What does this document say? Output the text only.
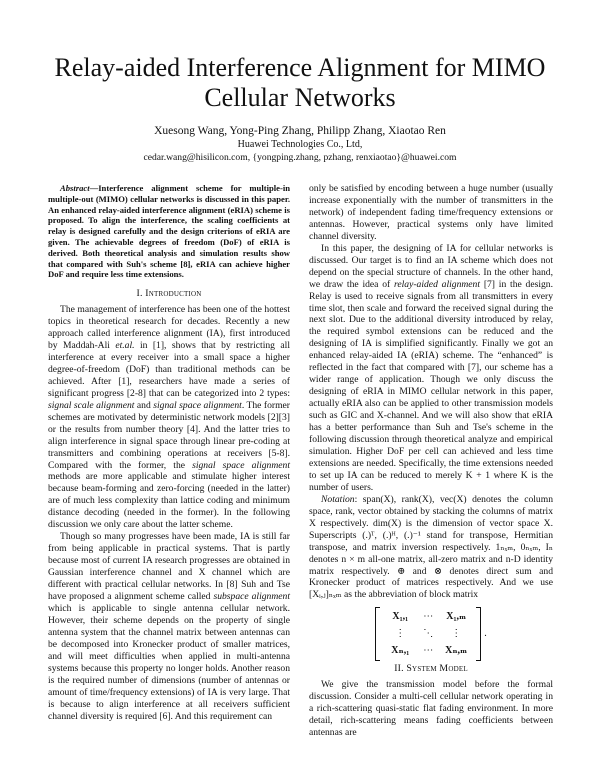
Relay-aided Interference Alignment for MIMO Cellular Networks
Xuesong Wang, Yong-Ping Zhang, Philipp Zhang, Xiaotao Ren
Huawei Technologies Co., Ltd,
cedar.wang@hisilicon.com, {yongping.zhang, pzhang, renxiaotao}@huawei.com

Abstract—Interference alignment scheme for multiple-in multiple-out (MIMO) cellular networks is discussed in this paper. An enhanced relay-aided interference alignment (eRIA) scheme is proposed. To align the interference, the scaling coefficients at relay is designed carefully and the design criterions of eRIA are given. The achievable degrees of freedom (DoF) of eRIA is derived. Both theoretical analysis and simulation results show that compared with Suh's scheme [8], eRIA can achieve higher DoF and require less time extensions.

I. Introduction

The management of interference has been one of the hottest topics in theoretical research for decades. Recently a new approach called interference alignment (IA), first introduced by Maddah-Ali et.al. in [1], shows that by restricting all interference at every receiver into a small space a higher degree-of-freedom (DoF) than traditional methods can be achieved. After [1], researchers have made a series of significant progress [2-8] that can be categorized into 2 types: signal scale alignment and signal space alignment. The former schemes are motivated by deterministic network models [2][3] or the results from number theory [4]. And the latter tries to align interference in signal space through linear pre-coding at transmitters and combining operations at receivers [5-8]. Compared with the former, the signal space alignment methods are more applicable and stimulate higher interest because beam-forming and zero-forcing (needed in the latter) are of much less complexity than lattice coding and minimum distance decoding (needed in the former). In the following discussion we only care about the latter scheme.

Though so many progresses have been made, IA is still far from being applicable in practical systems. That is partly because most of current IA research progresses are obtained in Gaussian interference channel and X channel which are different with practical cellular networks. In [8] Suh and Tse have proposed a alignment scheme called subspace alignment which is applicable to single antenna cellular network. However, their scheme depends on the property of single antenna system that the channel matrix between antennas can be decomposed into Kronecker product of smaller matrices, and will meet difficulties when applied in multi-antenna systems because this property no longer holds. Another reason is the required number of dimensions (number of antennas or amount of time/frequency extensions) of IA is very large. That is because to align interference at all receivers sufficient channel diversity is required [6]. And this requirement can

only be satisfied by encoding between a huge number (usually increase exponentially with the number of transmitters in the network) of independent fading time/frequency extensions or antennas. However, practical systems only have limited channel diversity.

In this paper, the designing of IA for cellular networks is discussed. Our target is to find an IA scheme which does not depend on the special structure of channels. In the other hand, we draw the idea of relay-aided alignment [7] in the design. Relay is used to receive signals from all transmitters in every time slot, then scale and forward the received signal during the next slot. Due to the additional diversity introduced by relay, the required symbol extensions can be reduced and the designing of IA is simplified significantly. Finally we got an enhanced relay-aided IA (eRIA) scheme. The “enhanced” is reflected in the fact that compared with [7], our scheme has a wider range of application. Though we only discuss the designing of eRIA in MIMO cellular network in this paper, actually eRIA also can be applied to other transmission models such as GIC and X-channel. And we will also show that eRIA has a better performance than Suh and Tse's scheme in the following discussion through theoretical analyze and empirical simulation. Higher DoF per cell can achieved and less time extensions are needed. Specifically, the time extensions needed to set up IA can be reduced to merely K + 1 where K is the number of users.

Notation: span(X), rank(X), vec(X) denotes the column space, rank, vector obtained by stacking the columns of matrix X respectively. dim(X) is the dimension of vector space X. Superscripts (.)ᵀ, (.)ᴴ, (.)⁻¹ stand for transpose, Hermitian transpose, and matrix inversion respectively. 1ₙₓₘ, 0ₙₓₘ, Iₙ denotes n × m all-one matrix, all-zero matrix and n-D identity matrix respectively. ⊕ and ⊗ denotes direct sum and Kronecker product of matrices respectively. And we use [Xᵢ,ⱼ]ₙₓₘ as the abbreviation of block matrix

X₁,₁ ⋯ X₁,ₘ
⋮ ⋱ ⋮
Xₙ,₁ ⋯ Xₙ,ₘ
.
II. System Model

We give the transmission model before the formal discussion. Consider a multi-cell cellular network operating in a rich-scattering quasi-static flat fading environment. In more detail, rich-scattering means fading coefficients between antennas are
